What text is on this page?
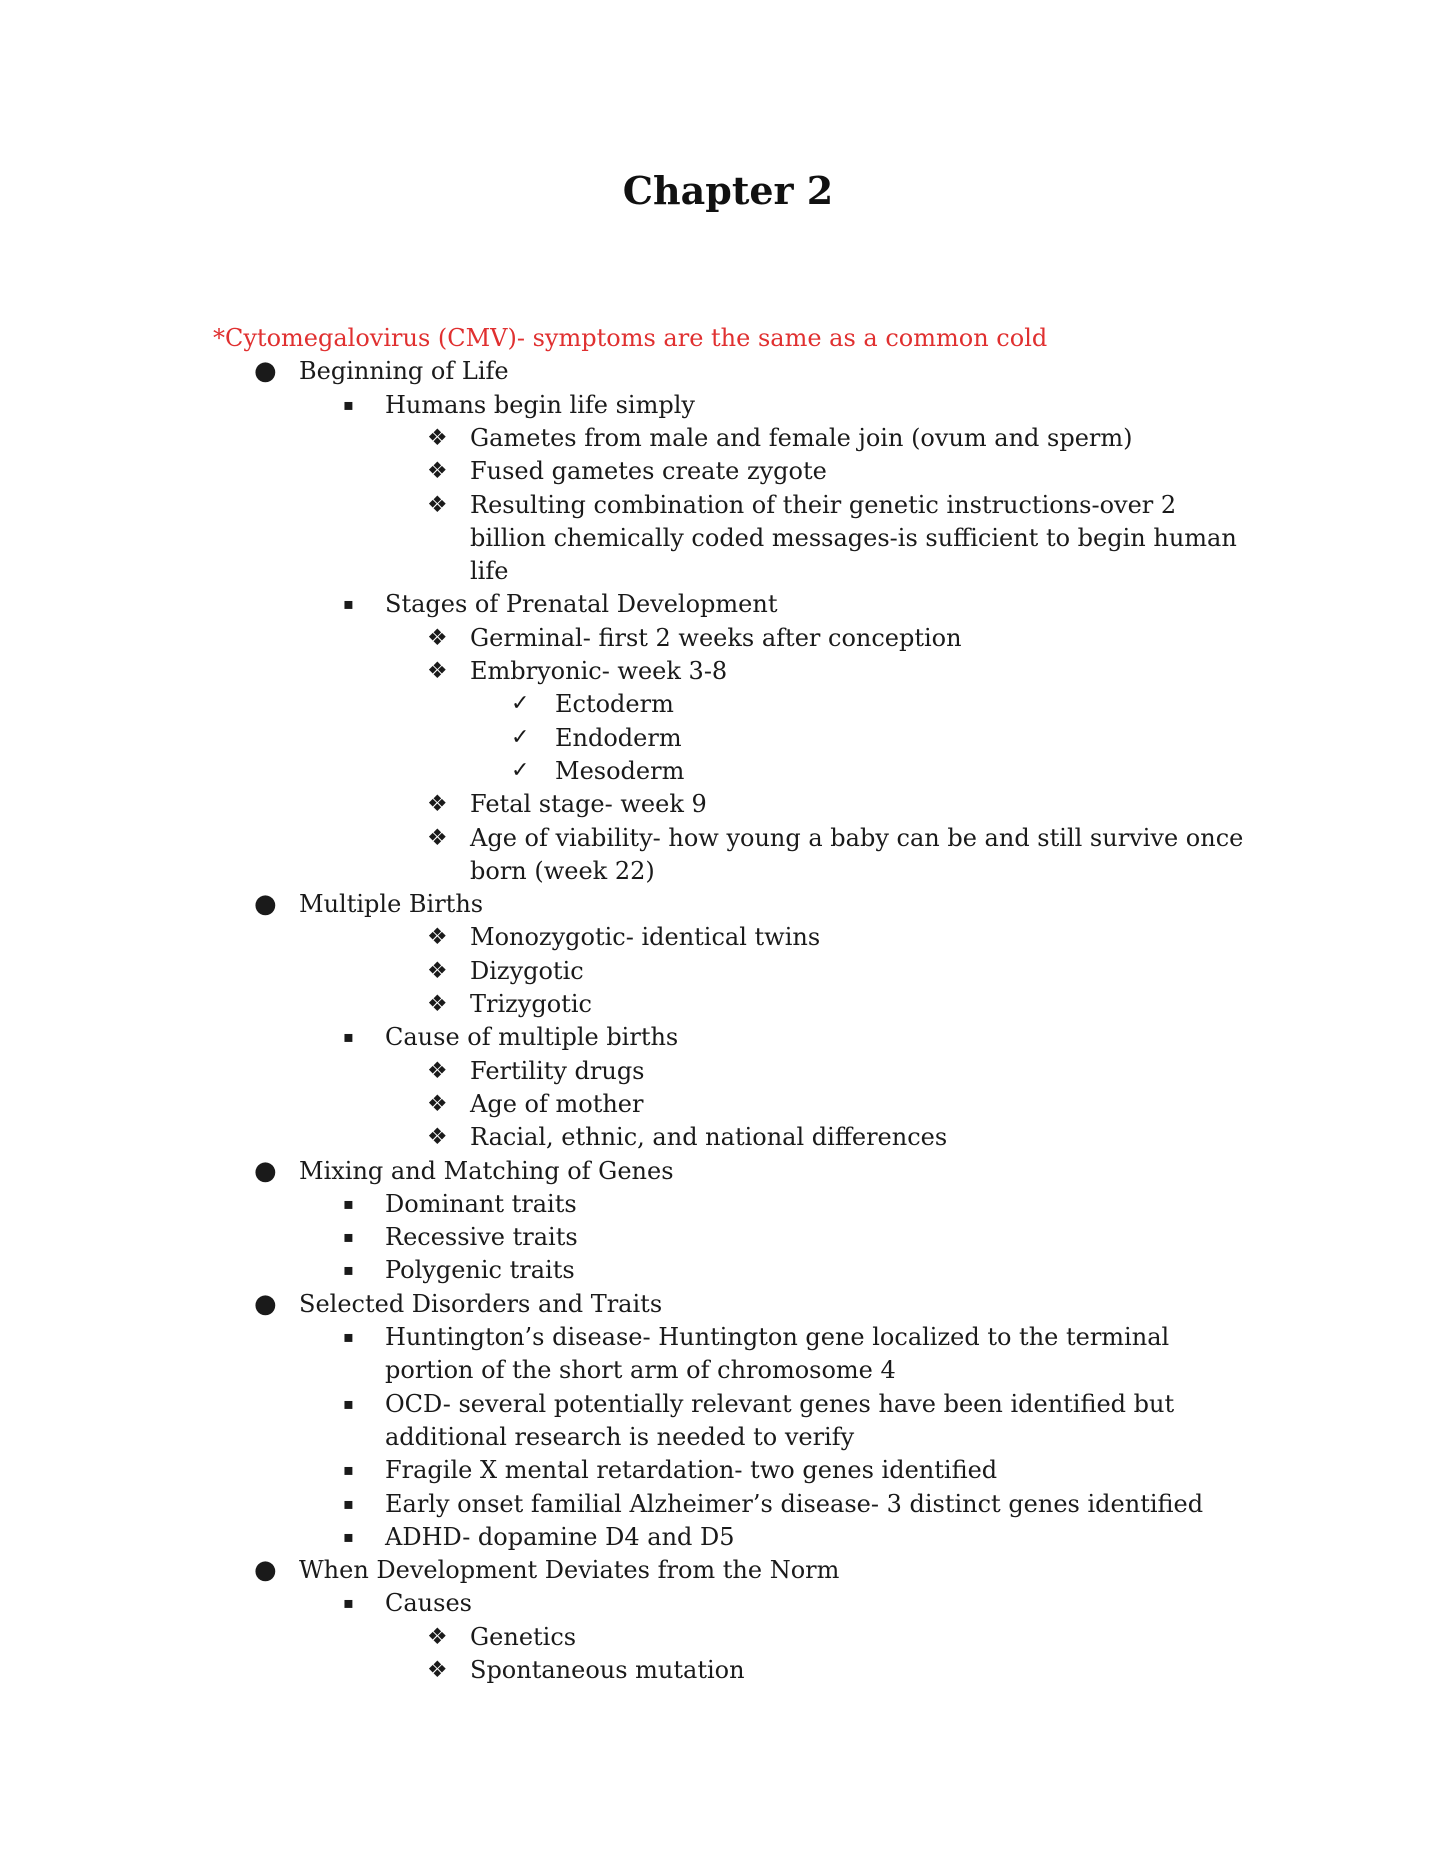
Chapter 2
*Cytomegalovirus (CMV)- symptoms are the same as a common cold
● Beginning of Life
▪ Humans begin life simply
❖ Gametes from male and female join (ovum and sperm)
❖ Fused gametes create zygote
❖ Resulting combination of their genetic instructions-over 2
billion chemically coded messages-is sufficient to begin human
life
▪ Stages of Prenatal Development
❖ Germinal- first 2 weeks after conception
❖ Embryonic- week 3-8
✓ Ectoderm
✓ Endoderm
✓ Mesoderm
❖ Fetal stage- week 9
❖ Age of viability- how young a baby can be and still survive once
born (week 22)
● Multiple Births
❖ Monozygotic- identical twins
❖ Dizygotic
❖ Trizygotic
▪ Cause of multiple births
❖ Fertility drugs
❖ Age of mother
❖ Racial, ethnic, and national differences
● Mixing and Matching of Genes
▪ Dominant traits
▪ Recessive traits
▪ Polygenic traits
● Selected Disorders and Traits
▪ Huntington’s disease- Huntington gene localized to the terminal
portion of the short arm of chromosome 4
▪ OCD- several potentially relevant genes have been identified but
additional research is needed to verify
▪ Fragile X mental retardation- two genes identified
▪ Early onset familial Alzheimer’s disease- 3 distinct genes identified
▪ ADHD- dopamine D4 and D5
● When Development Deviates from the Norm
▪ Causes
❖ Genetics
❖ Spontaneous mutation
